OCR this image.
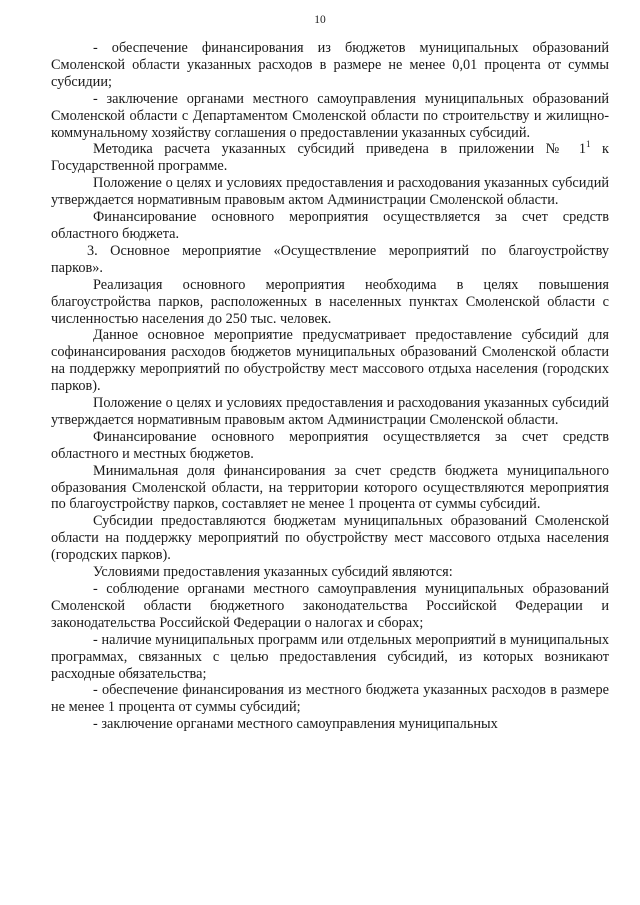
10

- обеспечение финансирования из бюджетов муниципальных образований Смоленской области указанных расходов в размере не менее 0,01 процента от суммы субсидии;

- заключение органами местного самоуправления муниципальных образований Смоленской области с Департаментом Смоленской области по строительству и жилищно-коммунальному хозяйству соглашения о предоставлении указанных субсидий.

Методика расчета указанных субсидий приведена в приложении № $1^1$ к Государственной программе.

Положение о целях и условиях предоставления и расходования указанных субсидий утверждается нормативным правовым актом Администрации Смоленской области.

Финансирование основного мероприятия осуществляется за счет средств областного бюджета.

3. Основное мероприятие «Осуществление мероприятий по благоустройству парков».

Реализация основного мероприятия необходима в целях повышения благоустройства парков, расположенных в населенных пунктах Смоленской области с численностью населения до 250 тыс. человек.

Данное основное мероприятие предусматривает предоставление субсидий для софинансирования расходов бюджетов муниципальных образований Смоленской области на поддержку мероприятий по обустройству мест массового отдыха населения (городских парков).

Положение о целях и условиях предоставления и расходования указанных субсидий утверждается нормативным правовым актом Администрации Смоленской области.

Финансирование основного мероприятия осуществляется за счет средств областного и местных бюджетов.

Минимальная доля финансирования за счет средств бюджета муниципального образования Смоленской области, на территории которого осуществляются мероприятия по благоустройству парков, составляет не менее 1 процента от суммы субсидий.

Субсидии предоставляются бюджетам муниципальных образований Смоленской области на поддержку мероприятий по обустройству мест массового отдыха населения (городских парков).

Условиями предоставления указанных субсидий являются:

- соблюдение органами местного самоуправления муниципальных образований Смоленской области бюджетного законодательства Российской Федерации и законодательства Российской Федерации о налогах и сборах;

- наличие муниципальных программ или отдельных мероприятий в муниципальных программах, связанных с целью предоставления субсидий, из которых возникают расходные обязательства;

- обеспечение финансирования из местного бюджета указанных расходов в размере не менее 1 процента от суммы субсидий;

- заключение органами местного самоуправления муниципальных
